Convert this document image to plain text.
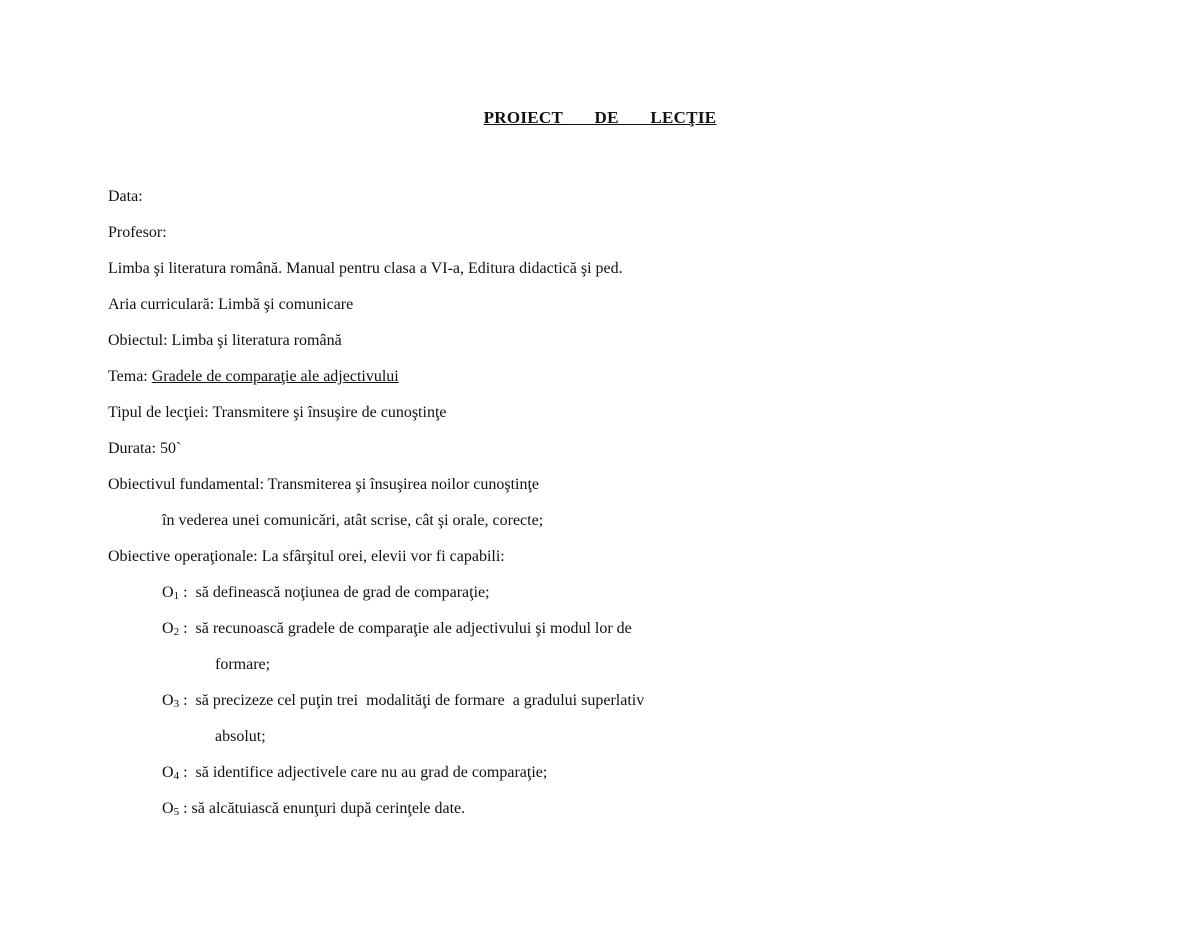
PROIECT   DE   LECŢIE
Data:
Profesor:
Limba şi literatura română. Manual pentru clasa a VI-a, Editura didactică şi ped.
Aria curriculară: Limbă şi comunicare
Obiectul: Limba şi literatura română
Tema: Gradele de comparaţie ale adjectivului
Tipul de lecţiei: Transmitere şi însuşire de cunoştinţe
Durata: 50`
Obiectivul fundamental: Transmiterea şi însuşirea noilor cunoştinţe
în vederea unei comunicări, atât scrise, cât şi orale, corecte;
Obiective operaţionale: La sfârşitul orei, elevii vor fi capabili:
O1 :  să definească noţiunea de grad de comparaţie;
O2 :  să recunoască gradele de comparaţie ale adjectivului şi modul lor de
formare;
O3 :  să precizeze cel puţin trei  modalităţi de formare  a gradului superlativ
absolut;
O4 :  să identifice adjectivele care nu au grad de comparaţie;
O5 : să alcătuiască enunţuri după cerinţele date.
